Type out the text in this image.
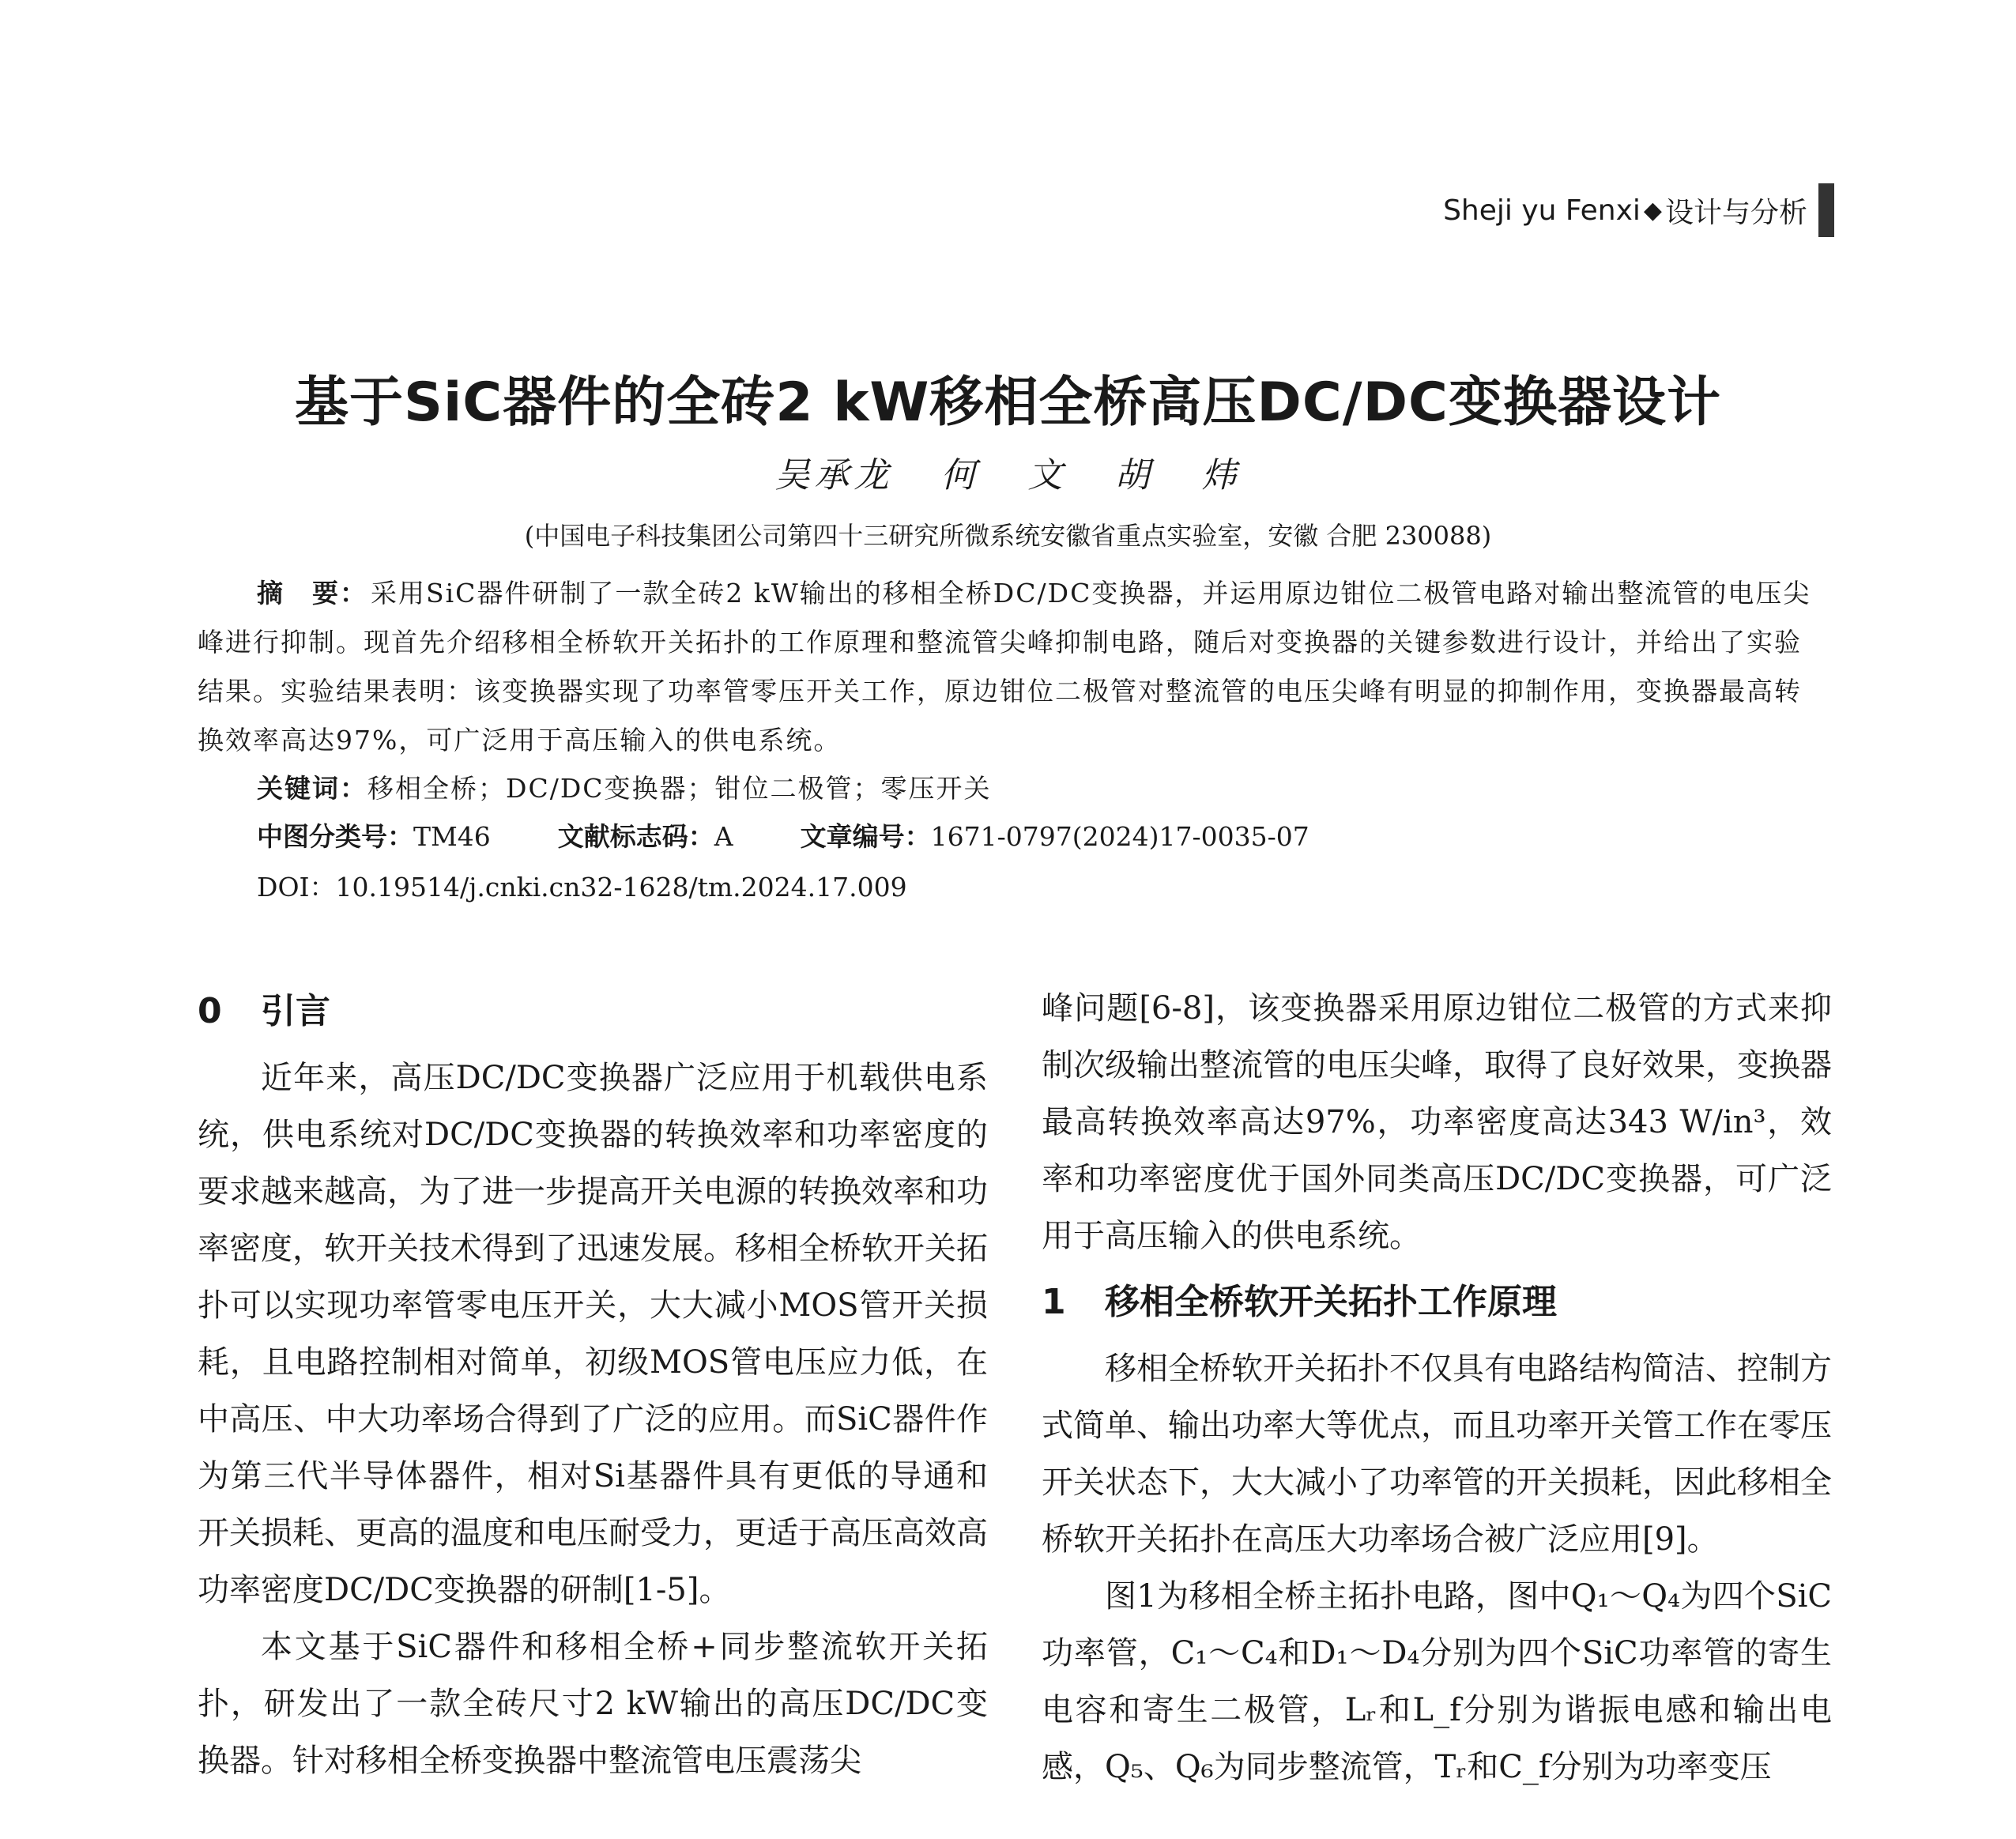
Sheji yu Fenxi ◆ 设计与分析
基于SiC器件的全砖2 kW移相全桥高压DC/DC变换器设计
吴承龙 何 文 胡 炜
(中国电子科技集团公司第四十三研究所微系统安徽省重点实验室，安徽 合肥 230088)
摘　要： 采用SiC器件研制了一款全砖2 kW输出的移相全桥DC/DC变换器，并运用原边钳位二极管电路对输出整流管的电压尖峰进行抑制。现首先介绍移相全桥软开关拓扑的工作原理和整流管尖峰抑制电路，随后对变换器的关键参数进行设计，并给出了实验结果。实验结果表明：该变换器实现了功率管零压开关工作，原边钳位二极管对整流管的电压尖峰有明显的抑制作用，变换器最高转换效率高达97%，可广泛用于高压输入的供电系统。
关键词：移相全桥；DC/DC变换器；钳位二极管；零压开关
中图分类号：TM46	文献标志码：A	文章编号：1671-0797(2024)17-0035-07
DOI：10.19514/j.cnki.cn32-1628/tm.2024.17.009
0 引言

近年来，高压DC/DC变换器广泛应用于机载供电系统，供电系统对DC/DC变换器的转换效率和功率密度的要求越来越高，为了进一步提高开关电源的转换效率和功率密度，软开关技术得到了迅速发展。移相全桥软开关拓扑可以实现功率管零电压开关，大大减小MOS管开关损耗，且电路控制相对简单，初级MOS管电压应力低，在中高压、中大功率场合得到了广泛的应用。而SiC器件作为第三代半导体器件，相对Si基器件具有更低的导通和开关损耗、更高的温度和电压耐受力，更适于高压高效高功率密度DC/DC变换器的研制[1-5]。

本文基于SiC器件和移相全桥+同步整流软开关拓扑，研发出了一款全砖尺寸2 kW输出的高压DC/DC变换器。针对移相全桥变换器中整流管电压震荡尖

峰问题[6-8]，该变换器采用原边钳位二极管的方式来抑制次级输出整流管的电压尖峰，取得了良好效果，变换器最高转换效率高达97%，功率密度高达343 W/in³，效率和功率密度优于国外同类高压DC/DC变换器，可广泛用于高压输入的供电系统。

1 移相全桥软开关拓扑工作原理

移相全桥软开关拓扑不仅具有电路结构简洁、控制方式简单、输出功率大等优点，而且功率开关管工作在零压开关状态下，大大减小了功率管的开关损耗，因此移相全桥软开关拓扑在高压大功率场合被广泛应用[9]。

图1为移相全桥主拓扑电路，图中Q₁～Q₄为四个SiC功率管，C₁～C₄和D₁～D₄分别为四个SiC功率管的寄生电容和寄生二极管，Lᵣ和L_f分别为谐振电感和输出电感，Q₅、Q₆为同步整流管，Tᵣ和C_f分别为功率变压
